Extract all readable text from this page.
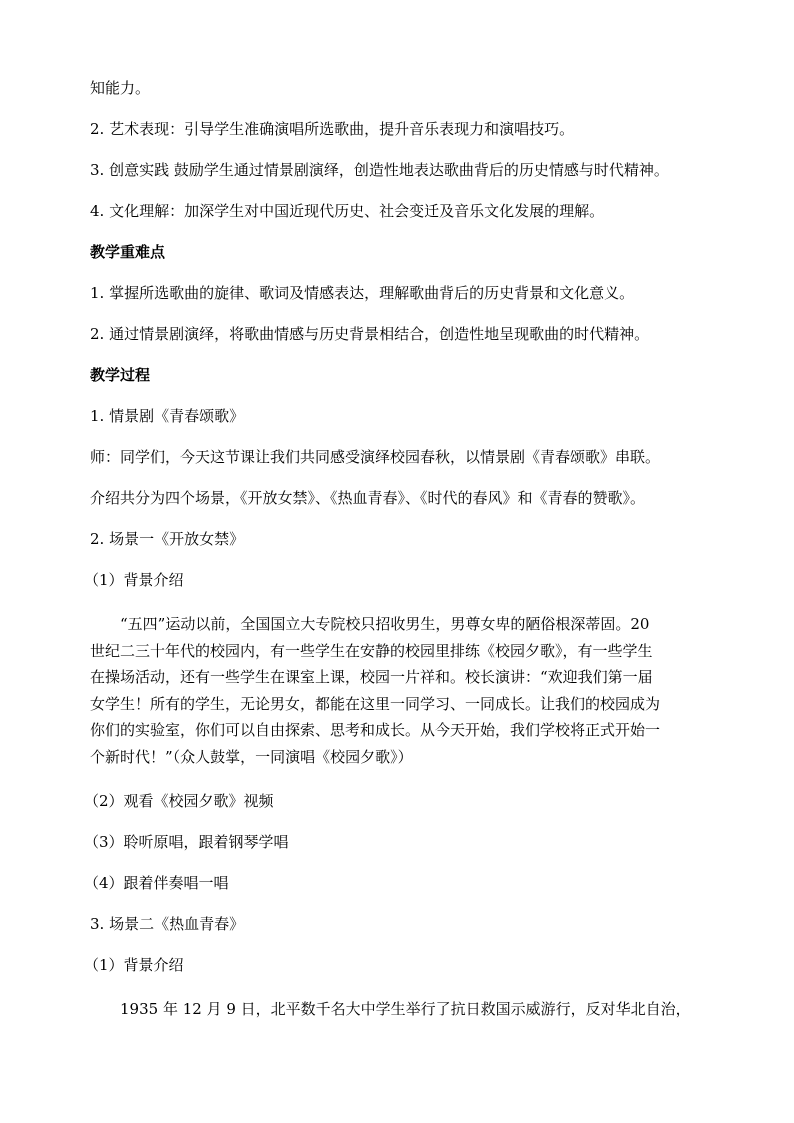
知能力。
2. 艺术表现：引导学生准确演唱所选歌曲，提升音乐表现力和演唱技巧。
3. 创意实践 鼓励学生通过情景剧演绎，创造性地表达歌曲背后的历史情感与时代精神。
4. 文化理解：加深学生对中国近现代历史、社会变迁及音乐文化发展的理解。
教学重难点
1. 掌握所选歌曲的旋律、歌词及情感表达，理解歌曲背后的历史背景和文化意义。
2. 通过情景剧演绎，将歌曲情感与历史背景相结合，创造性地呈现歌曲的时代精神。
教学过程
1. 情景剧《青春颂歌》
师：同学们，今天这节课让我们共同感受演绎校园春秋，以情景剧《青春颂歌》串联。
介绍共分为四个场景，《开放女禁》、《热血青春》、《时代的春风》和《青春的赞歌》。
2. 场景一《开放女禁》
（1）背景介绍
“五四”运动以前，全国国立大专院校只招收男生，男尊女卑的陋俗根深蒂固。20
世纪二三十年代的校园内，有一些学生在安静的校园里排练《校园夕歌》，有一些学生
在操场活动，还有一些学生在课室上课，校园一片祥和。校长演讲：“欢迎我们第一届
女学生！所有的学生，无论男女，都能在这里一同学习、一同成长。让我们的校园成为
你们的实验室，你们可以自由探索、思考和成长。从今天开始，我们学校将正式开始一
个新时代！”（众人鼓掌，一同演唱《校园夕歌》）
（2）观看《校园夕歌》视频
（3）聆听原唱，跟着钢琴学唱
（4）跟着伴奏唱一唱
3. 场景二《热血青春》
（1）背景介绍
1935 年 12 月 9 日，北平数千名大中学生举行了抗日救国示威游行，反对华北自治，
